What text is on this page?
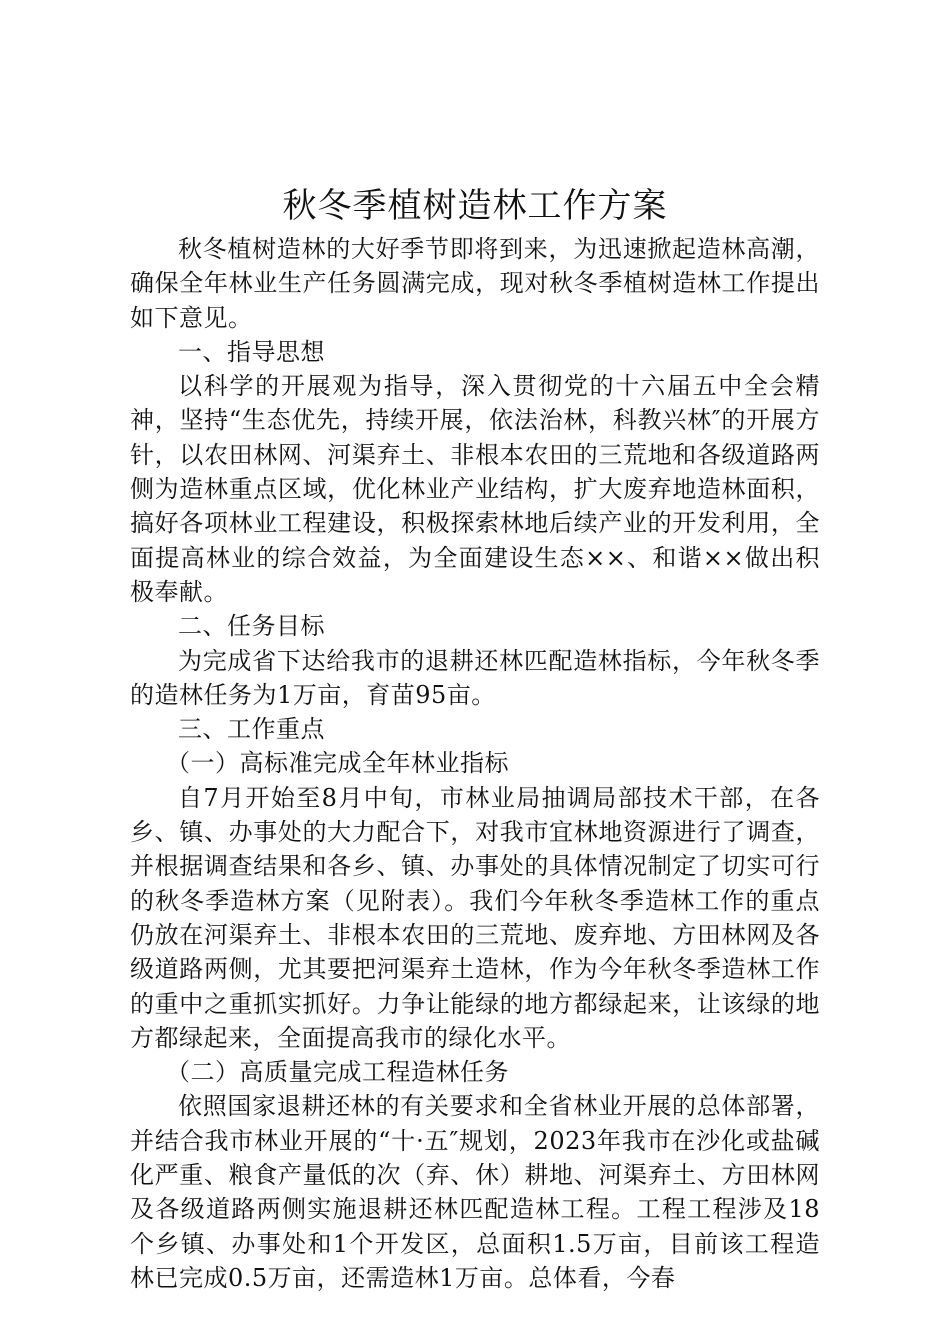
秋冬季植树造林工作方案

秋冬植树造林的大好季节即将到来，为迅速掀起造林高潮，确保全年林业生产任务圆满完成，现对秋冬季植树造林工作提出如下意见。

一、指导思想

以科学的开展观为指导，深入贯彻党的十六届五中全会精神，坚持“生态优先，持续开展，依法治林，科教兴林″的开展方针，以农田林网、河渠弃土、非根本农田的三荒地和各级道路两侧为造林重点区域，优化林业产业结构，扩大废弃地造林面积，搞好各项林业工程建设，积极探索林地后续产业的开发利用，全面提高林业的综合效益，为全面建设生态××、和谐××做出积极奉献。

二、任务目标

为完成省下达给我市的退耕还林匹配造林指标，今年秋冬季的造林任务为1万亩，育苗95亩。

三、工作重点

（一）高标准完成全年林业指标

自7月开始至8月中旬，市林业局抽调局部技术干部，在各乡、镇、办事处的大力配合下，对我市宜林地资源进行了调查，并根据调查结果和各乡、镇、办事处的具体情况制定了切实可行的秋冬季造林方案（见附表）。我们今年秋冬季造林工作的重点仍放在河渠弃土、非根本农田的三荒地、废弃地、方田林网及各级道路两侧，尤其要把河渠弃土造林，作为今年秋冬季造林工作的重中之重抓实抓好。力争让能绿的地方都绿起来，让该绿的地方都绿起来，全面提高我市的绿化水平。

（二）高质量完成工程造林任务

依照国家退耕还林的有关要求和全省林业开展的总体部署，并结合我市林业开展的“十·五″规划，2023年我市在沙化或盐碱化严重、粮食产量低的次（弃、休）耕地、河渠弃土、方田林网及各级道路两侧实施退耕还林匹配造林工程。工程工程涉及18个乡镇、办事处和1个开发区，总面积1.5万亩，目前该工程造林已完成0.5万亩，还需造林1万亩。总体看，今春
